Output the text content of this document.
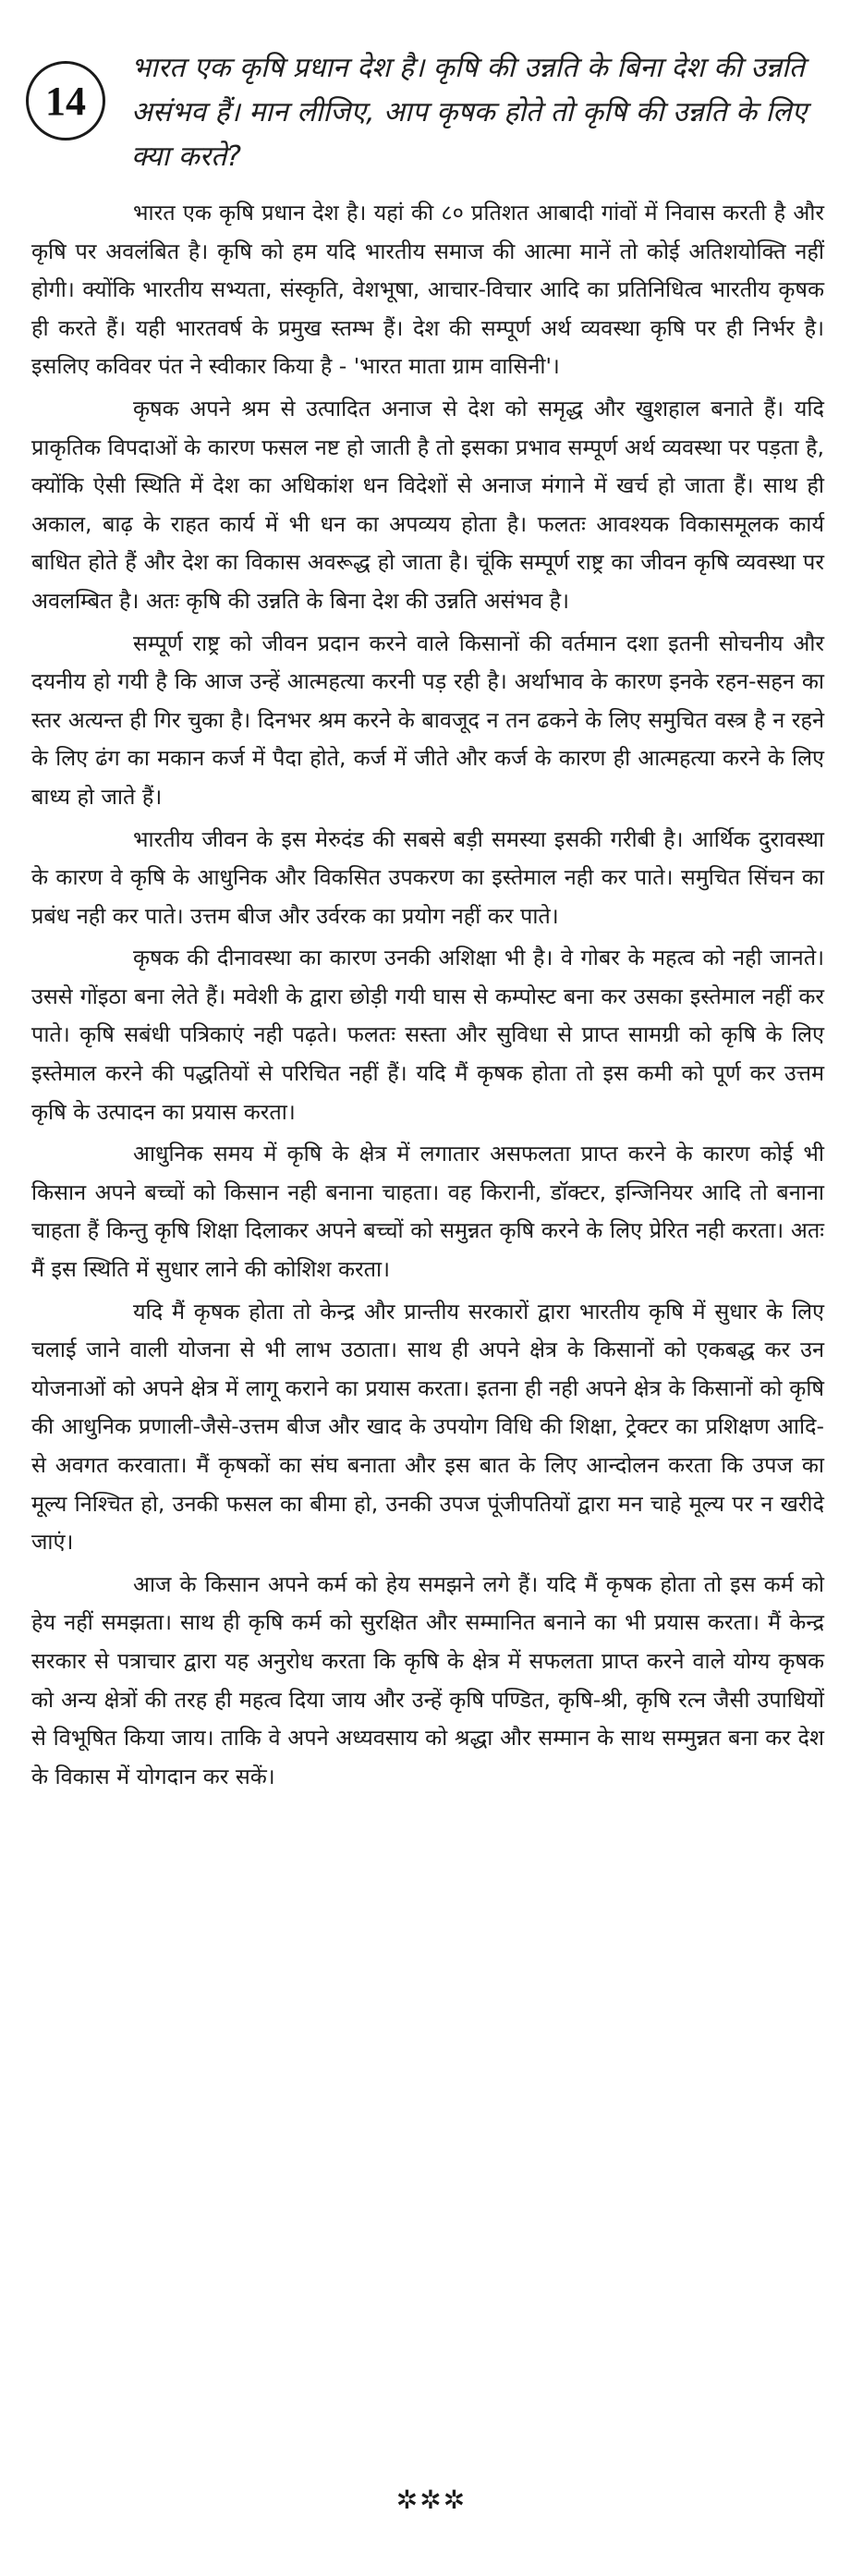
14

भारत एक कृषि प्रधान देश है। कृषि की उन्नति के बिना देश की उन्नति असंभव हैं। मान लीजिए, आप कृषक होते तो कृषि की उन्नति के लिए क्या करते?

भारत एक कृषि प्रधान देश है। यहां की ८० प्रतिशत आबादी गांवों में निवास करती है और कृषि पर अवलंबित है। कृषि को हम यदि भारतीय समाज की आत्मा मानें तो कोई अतिशयोक्ति नहीं होगी। क्योंकि भारतीय सभ्यता, संस्कृति, वेशभूषा, आचार-विचार आदि का प्रतिनिधित्व भारतीय कृषक ही करते हैं। यही भारतवर्ष के प्रमुख स्तम्भ हैं। देश की सम्पूर्ण अर्थ व्यवस्था कृषि पर ही निर्भर है। इसलिए कविवर पंत ने स्वीकार किया है - 'भारत माता ग्राम वासिनी'।

कृषक अपने श्रम से उत्पादित अनाज से देश को समृद्ध और खुशहाल बनाते हैं। यदि प्राकृतिक विपदाओं के कारण फसल नष्ट हो जाती है तो इसका प्रभाव सम्पूर्ण अर्थ व्यवस्था पर पड़ता है, क्योंकि ऐसी स्थिति में देश का अधिकांश धन विदेशों से अनाज मंगाने में खर्च हो जाता हैं। साथ ही अकाल, बाढ़ के राहत कार्य में भी धन का अपव्यय होता है। फलतः आवश्यक विकासमूलक कार्य बाधित होते हैं और देश का विकास अवरूद्ध हो जाता है। चूंकि सम्पूर्ण राष्ट्र का जीवन कृषि व्यवस्था पर अवलम्बित है। अतः कृषि की उन्नति के बिना देश की उन्नति असंभव है।

सम्पूर्ण राष्ट्र को जीवन प्रदान करने वाले किसानों की वर्तमान दशा इतनी सोचनीय और दयनीय हो गयी है कि आज उन्हें आत्महत्या करनी पड़ रही है। अर्थाभाव के कारण इनके रहन-सहन का स्तर अत्यन्त ही गिर चुका है। दिनभर श्रम करने के बावजूद न तन ढकने के लिए समुचित वस्त्र है न रहने के लिए ढंग का मकान कर्ज में पैदा होते, कर्ज में जीते और कर्ज के कारण ही आत्महत्या करने के लिए बाध्य हो जाते हैं।

भारतीय जीवन के इस मेरुदंड की सबसे बड़ी समस्या इसकी गरीबी है। आर्थिक दुरावस्था के कारण वे कृषि के आधुनिक और विकसित उपकरण का इस्तेमाल नही कर पाते। समुचित सिंचन का प्रबंध नही कर पाते। उत्तम बीज और उर्वरक का प्रयोग नहीं कर पाते।

कृषक की दीनावस्था का कारण उनकी अशिक्षा भी है। वे गोबर के महत्व को नही जानते। उससे गोंइठा बना लेते हैं। मवेशी के द्वारा छोड़ी गयी घास से कम्पोस्ट बना कर उसका इस्तेमाल नहीं कर पाते। कृषि सबंधी पत्रिकाएं नही पढ़ते। फलतः सस्ता और सुविधा से प्राप्त सामग्री को कृषि के लिए इस्तेमाल करने की पद्धतियों से परिचित नहीं हैं। यदि मैं कृषक होता तो इस कमी को पूर्ण कर उत्तम कृषि के उत्पादन का प्रयास करता।

आधुनिक समय में कृषि के क्षेत्र में लगातार असफलता प्राप्त करने के कारण कोई भी किसान अपने बच्चों को किसान नही बनाना चाहता। वह किरानी, डॉक्टर, इन्जिनियर आदि तो बनाना चाहता हैं किन्तु कृषि शिक्षा दिलाकर अपने बच्चों को समुन्नत कृषि करने के लिए प्रेरित नही करता। अतः मैं इस स्थिति में सुधार लाने की कोशिश करता।

यदि मैं कृषक होता तो केन्द्र और प्रान्तीय सरकारों द्वारा भारतीय कृषि में सुधार के लिए चलाई जाने वाली योजना से भी लाभ उठाता। साथ ही अपने क्षेत्र के किसानों को एकबद्ध कर उन योजनाओं को अपने क्षेत्र में लागू कराने का प्रयास करता। इतना ही नही अपने क्षेत्र के किसानों को कृषि की आधुनिक प्रणाली-जैसे-उत्तम बीज और खाद के उपयोग विधि की शिक्षा, ट्रेक्टर का प्रशिक्षण आदि-से अवगत करवाता। मैं कृषकों का संघ बनाता और इस बात के लिए आन्दोलन करता कि उपज का मूल्य निश्चित हो, उनकी फसल का बीमा हो, उनकी उपज पूंजीपतियों द्वारा मन चाहे मूल्य पर न खरीदे जाएं।

आज के किसान अपने कर्म को हेय समझने लगे हैं। यदि मैं कृषक होता तो इस कर्म को हेय नहीं समझता। साथ ही कृषि कर्म को सुरक्षित और सम्मानित बनाने का भी प्रयास करता। मैं केन्द्र सरकार से पत्राचार द्वारा यह अनुरोध करता कि कृषि के क्षेत्र में सफलता प्राप्त करने वाले योग्य कृषक को अन्य क्षेत्रों की तरह ही महत्व दिया जाय और उन्हें कृषि पण्डित, कृषि-श्री, कृषि रत्न जैसी उपाधियों से विभूषित किया जाय। ताकि वे अपने अध्यवसाय को श्रद्धा और सम्मान के साथ सम्मुन्नत बना कर देश के विकास में योगदान कर सकें।

✲✲✲
